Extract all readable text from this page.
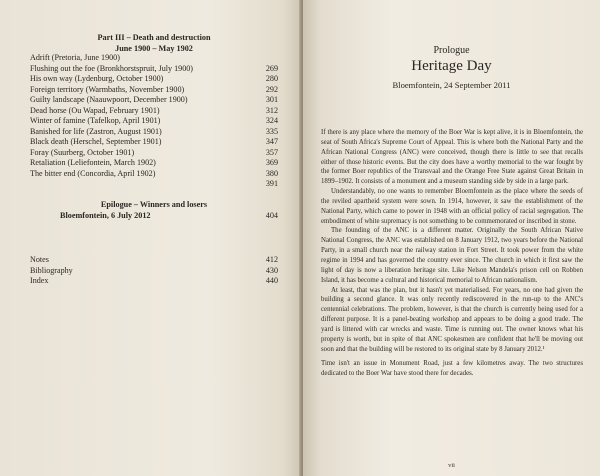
Part III – Death and destruction
June 1900 – May 1902
Adrift (Pretoria, June 1900)
Flushing out the foe (Bronkhorstspruit, July 1900)	269
His own way (Lydenburg, October 1900)	280
Foreign territory (Warmbaths, November 1900)	292
Guilty landscape (Naauwpoort, December 1900)	301
Dead horse (Ou Wapad, February 1901)	312
Winter of famine (Tafelkop, April 1901)	324
Banished for life (Zastron, August 1901)	335
Black death (Herschel, September 1901)	347
Foray (Suurberg, October 1901)	357
Retaliation (Leliefontein, March 1902)	369
The bitter end (Concordia, April 1902)	380
391
Epilogue – Winners and losers
Bloemfontein, 6 July 2012	404
Notes	412
Bibliography	430
Index	440
Prologue
Heritage Day
Bloemfontein, 24 September 2011

If there is any place where the memory of the Boer War is kept alive, it is in Bloemfontein, the seat of South Africa's Supreme Court of Appeal. This is where both the National Party and the African National Congress (ANC) were conceived, though there is little to see that recalls either of those historic events. But the city does have a worthy memorial to the war fought by the former Boer republics of the Transvaal and the Orange Free State against Great Britain in 1899–1902. It consists of a monument and a museum standing side by side in a large park.

Understandably, no one wants to remember Bloemfontein as the place where the seeds of the reviled apartheid system were sown. In 1914, however, it saw the establishment of the National Party, which came to power in 1948 with an official policy of racial segregation. The embodiment of white supremacy is not something to be commemorated or inscribed in stone.

The founding of the ANC is a different matter. Originally the South African Native National Congress, the ANC was established on 8 January 1912, two years before the National Party, in a small church near the railway station in Fort Street. It took power from the white regime in 1994 and has governed the country ever since. The church in which it first saw the light of day is now a liberation heritage site. Like Nelson Mandela's prison cell on Robben Island, it has become a cultural and historical memorial to African nationalism.

At least, that was the plan, but it hasn't yet materialised. For years, no one had given the building a second glance. It was only recently rediscovered in the run-up to the ANC's centennial celebrations. The problem, however, is that the church is currently being used for a different purpose. It is a panel-beating workshop and appears to be doing a good trade. The yard is littered with car wrecks and waste. Time is running out. The owner knows what his property is worth, but in spite of that ANC spokesmen are confident that he'll be moving out soon and that the building will be restored to its original state by 8 January 2012.¹

Time isn't an issue in Monument Road, just a few kilometres away. The two structures dedicated to the Boer War have stood there for decades.

vii
